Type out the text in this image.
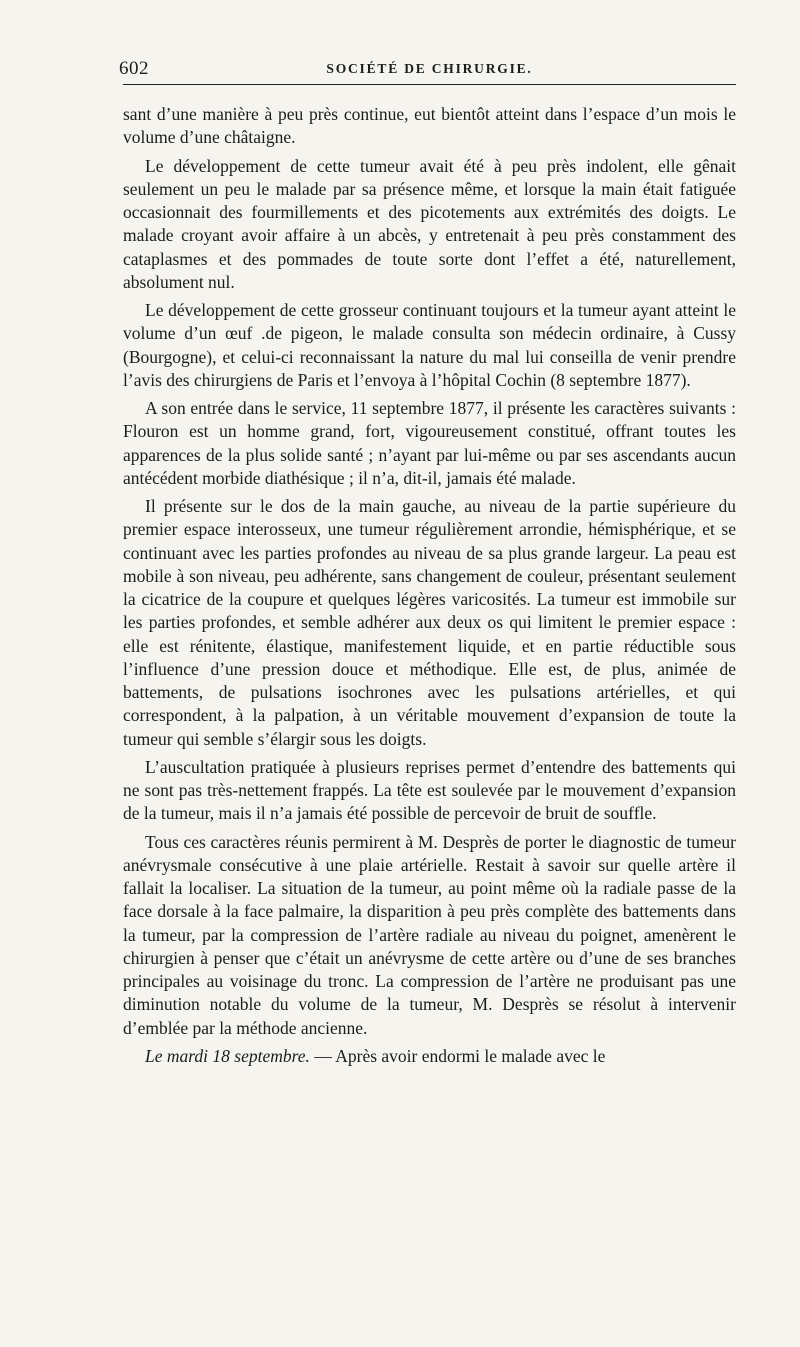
602	SOCIÉTÉ DE CHIRURGIE.

sant d’une manière à peu près continue, eut bientôt atteint dans l’espace d’un mois le volume d’une châtaigne.

Le développement de cette tumeur avait été à peu près indolent, elle gênait seulement un peu le malade par sa présence même, et lorsque la main était fatiguée occasionnait des fourmillements et des picotements aux extrémités des doigts. Le malade croyant avoir affaire à un abcès, y entretenait à peu près constamment des cataplasmes et des pommades de toute sorte dont l’effet a été, naturellement, absolument nul.

Le développement de cette grosseur continuant toujours et la tumeur ayant atteint le volume d’un œuf .de pigeon, le malade consulta son médecin ordinaire, à Cussy (Bourgogne), et celui-ci reconnaissant la nature du mal lui conseilla de venir prendre l’avis des chirurgiens de Paris et l’envoya à l’hôpital Cochin (8 septembre 1877).

A son entrée dans le service, 11 septembre 1877, il présente les caractères suivants : Flouron est un homme grand, fort, vigoureusement constitué, offrant toutes les apparences de la plus solide santé ; n’ayant par lui-même ou par ses ascendants aucun antécédent morbide diathésique ; il n’a, dit-il, jamais été malade.

Il présente sur le dos de la main gauche, au niveau de la partie supérieure du premier espace interosseux, une tumeur régulièrement arrondie, hémisphérique, et se continuant avec les parties profondes au niveau de sa plus grande largeur. La peau est mobile à son niveau, peu adhérente, sans changement de couleur, présentant seulement la cicatrice de la coupure et quelques légères varicosités. La tumeur est immobile sur les parties profondes, et semble adhérer aux deux os qui limitent le premier espace : elle est rénitente, élastique, manifestement liquide, et en partie réductible sous l’influence d’une pression douce et méthodique. Elle est, de plus, animée de battements, de pulsations isochrones avec les pulsations artérielles, et qui correspondent, à la palpation, à un véritable mouvement d’expansion de toute la tumeur qui semble s’élargir sous les doigts.

L’auscultation pratiquée à plusieurs reprises permet d’entendre des battements qui ne sont pas très-nettement frappés. La tête est soulevée par le mouvement d’expansion de la tumeur, mais il n’a jamais été possible de percevoir de bruit de souffle.

Tous ces caractères réunis permirent à M. Desprès de porter le diagnostic de tumeur anévrysmale consécutive à une plaie artérielle. Restait à savoir sur quelle artère il fallait la localiser. La situation de la tumeur, au point même où la radiale passe de la face dorsale à la face palmaire, la disparition à peu près complète des battements dans la tumeur, par la compression de l’artère radiale au niveau du poignet, amenèrent le chirurgien à penser que c’était un anévrysme de cette artère ou d’une de ses branches principales au voisinage du tronc. La compression de l’artère ne produisant pas une diminution notable du volume de la tumeur, M. Desprès se résolut à intervenir d’emblée par la méthode ancienne.

Le mardi 18 septembre. — Après avoir endormi le malade avec le
